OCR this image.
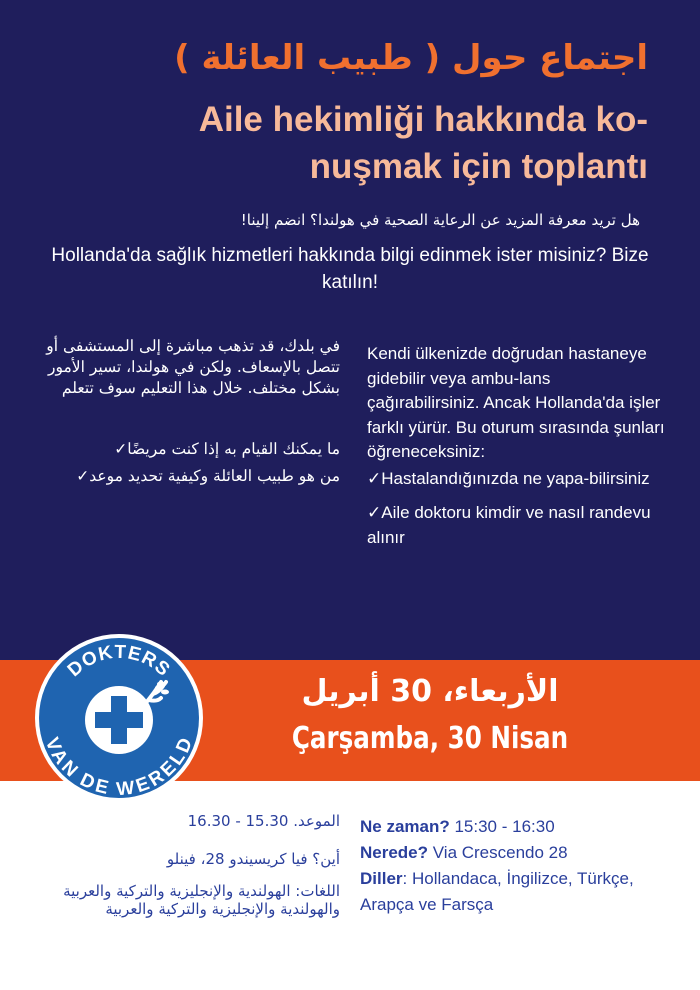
اجتماع حول ( طبيب العائلة )
Aile hekimliği hakkında ko-nuşmak için toplantı
هل تريد معرفة المزيد عن الرعاية الصحية في هولندا؟ انضم إلينا!
Hollanda'da sağlık hizmetleri hakkında bilgi edinmek ister misiniz? Bize katılın!

في بلدك، قد تذهب مباشرة إلى المستشفى أو تتصل بالإسعاف. ولكن في هولندا، تسير الأمور بشكل مختلف. خلال هذا التعليم سوف تتعلم

ما يمكنك القيام به إذا كنت مريضًا✓

من هو طبيب العائلة وكيفية تحديد موعد✓

Kendi ülkenizde doğrudan hastaneye gidebilir veya ambu-lans çağırabilirsiniz. Ancak Hollanda'da işler farklı yürür. Bu oturum sırasında şunları öğreneceksiniz:

✓Hastalandığınızda ne yapa-bilirsiniz

✓Aile doktoru kimdir ve nasıl randevu alınır

الأربعاء، 30 أبريل
Çarşamba, 30 Nisan
DOKTERS
VAN DE WERELD

الموعد. 15.30 - 16.30

أين؟ فيا كريسيندو 28، فينلو

اللغات: الهولندية والإنجليزية والتركية والعربية والهولندية والإنجليزية والتركية والعربية

Ne zaman? 15:30 - 16:30

Nerede? Via Crescendo 28

Diller: Hollandaca, İngilizce, Türkçe, Arapça ve Farsça
